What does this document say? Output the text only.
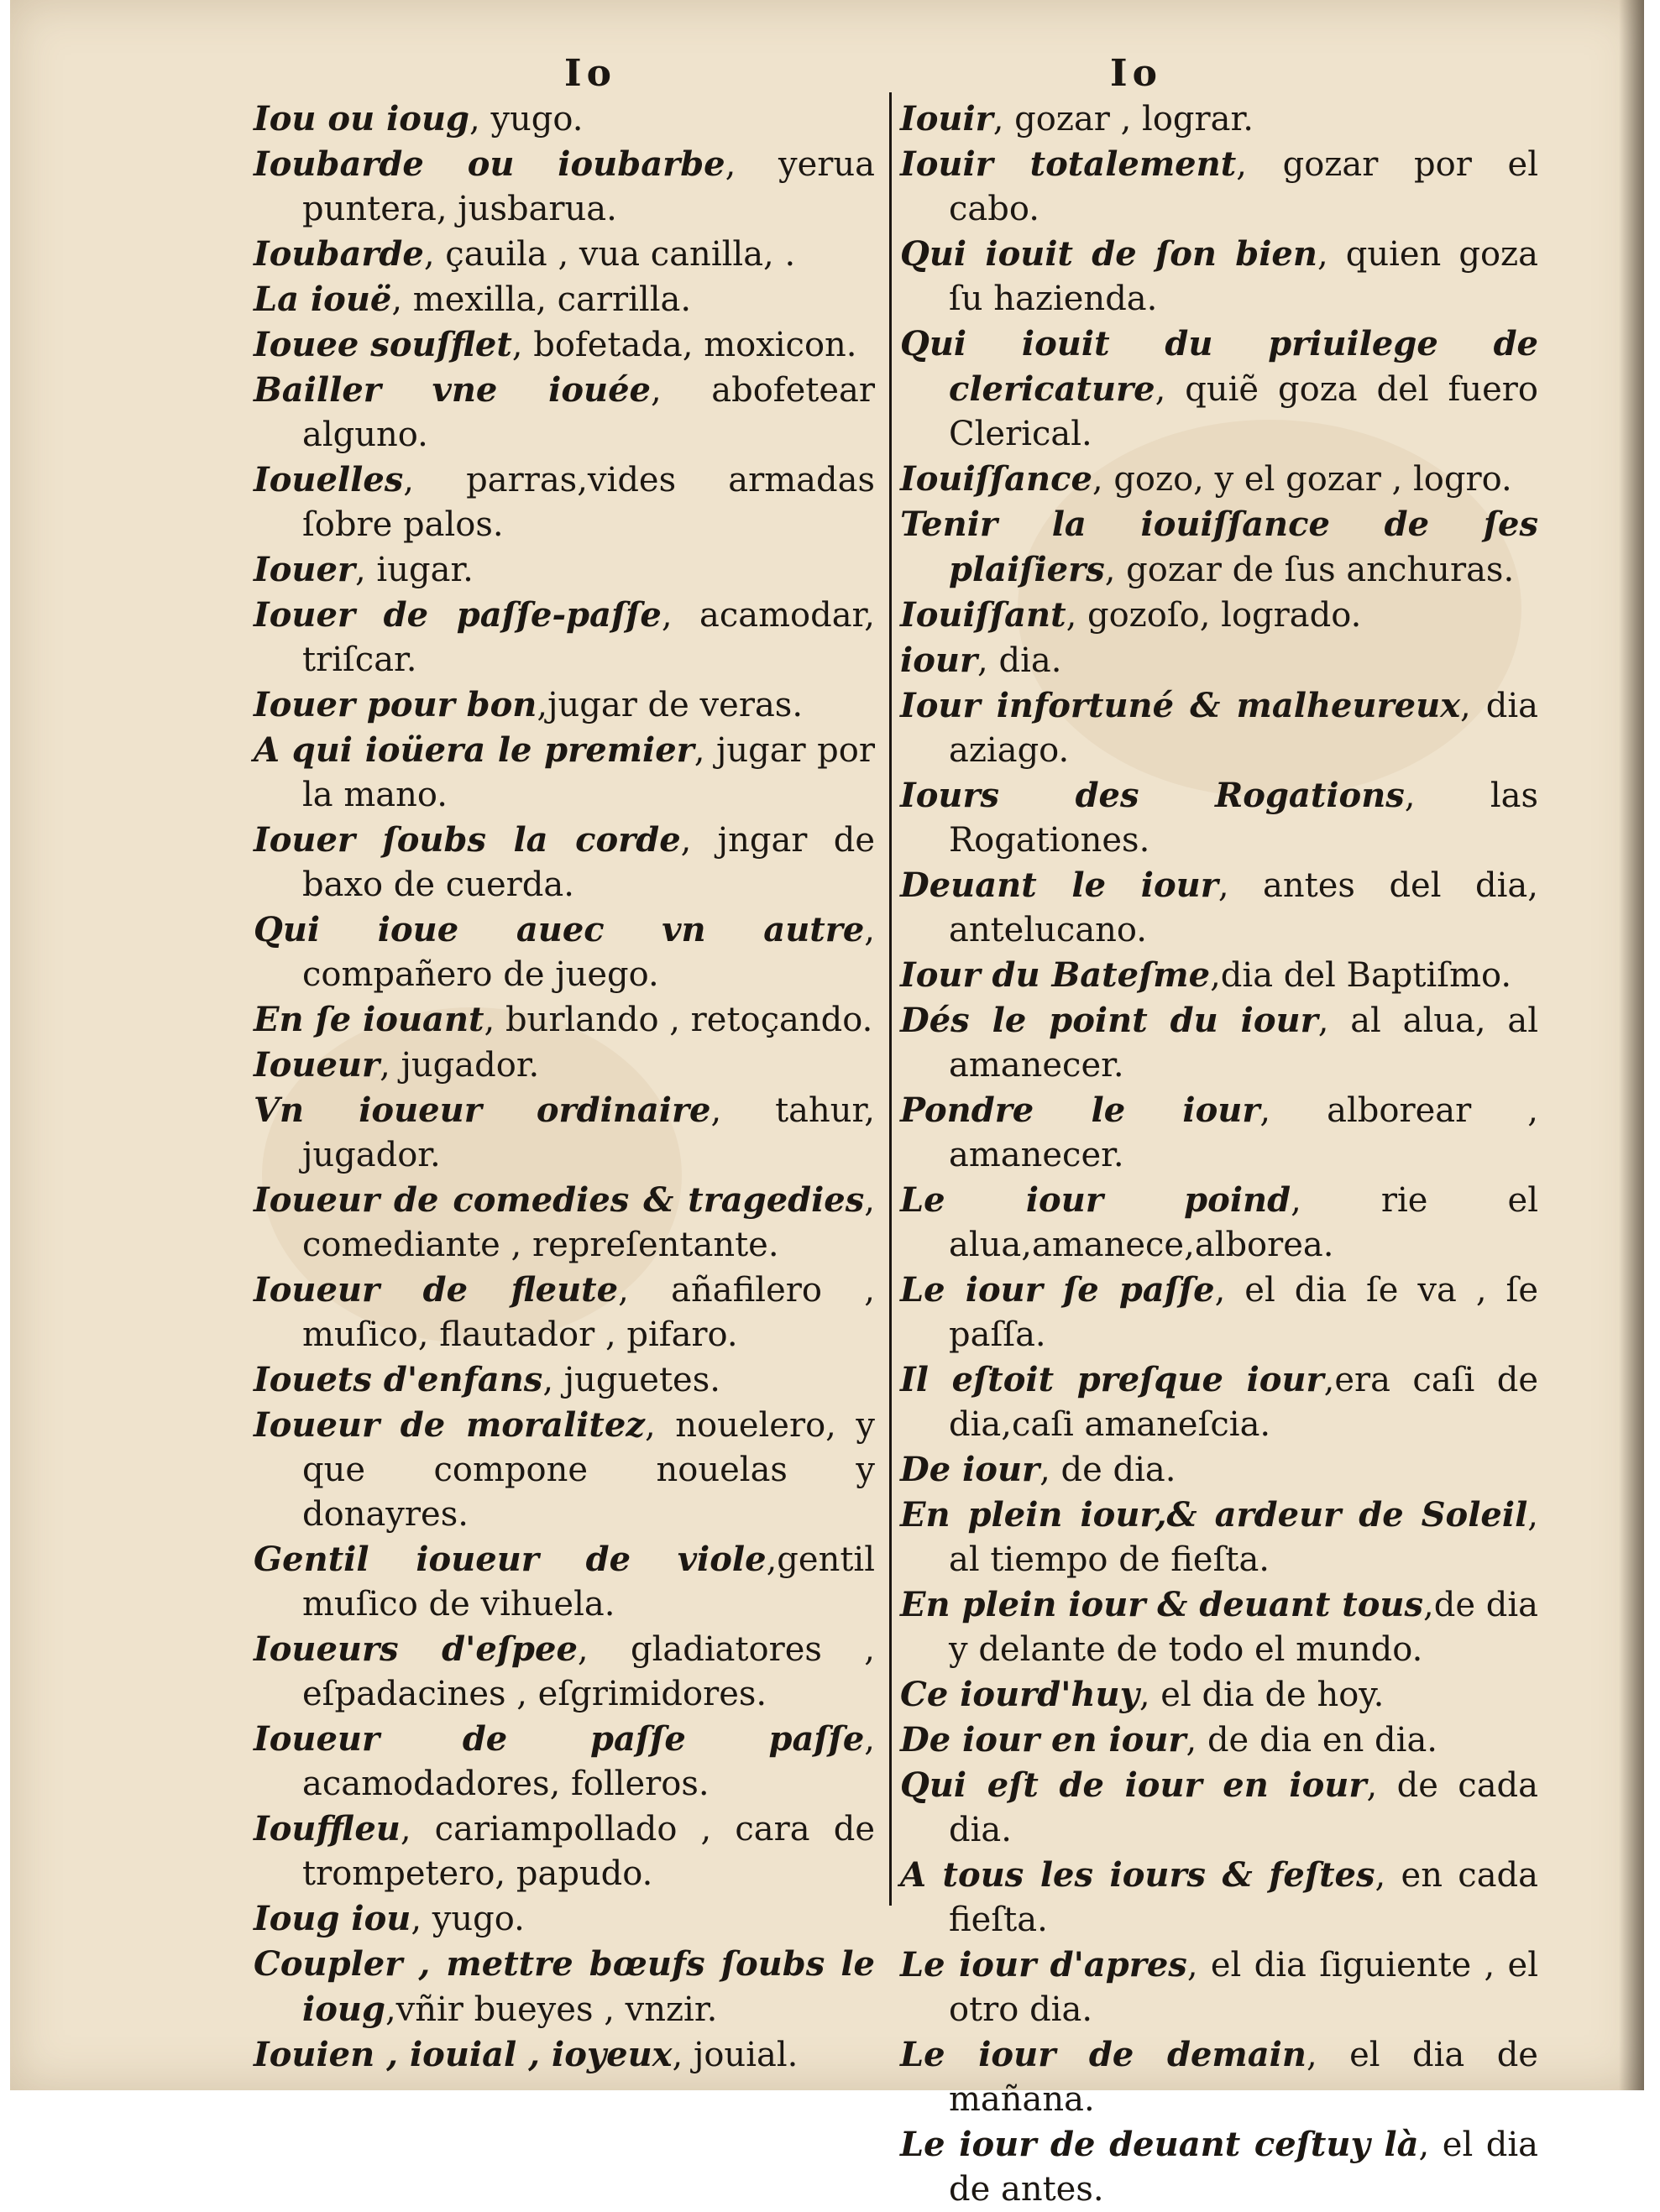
Io	Io

Iou ou ioug, yugo.

Ioubarde ou ioubarbe, yerua puntera, jusbarua.

Ioubarde, çauila , vua canilla, .

La iouë, mexilla, carrilla.

Iouee souſflet, bofetada, moxicon.

Bailler vne iouée, abofetear alguno.

Iouelles, parras,vides armadas ſobre palos.

Iouer, iugar.

Iouer de paſſe-paſſe, acamodar, triſcar.

Iouer pour bon,jugar de veras.

A qui ioüera le premier, jugar por la mano.

Iouer ſoubs la corde, jngar de baxo de cuerda.

Qui ioue auec vn autre, compañero de juego.

En ſe iouant, burlando , retoçando.

Ioueur, jugador.

Vn ioueur ordinaire, tahur, jugador.

Ioueur de comedies & tragedies, comediante , repreſentante.

Ioueur de fleute, añafilero , muſico, flautador , pifaro.

Iouets d'enfans, juguetes.

Ioueur de moralitez, nouelero, y que compone nouelas y donayres.

Gentil ioueur de viole,gentil muſico de vihuela.

Ioueurs d'eſpee, gladiatores , eſpadacines , eſgrimidores.

Ioueur de paſſe paſſe, acamodadores, folleros.

Iouffleu, cariampollado , cara de trompetero, papudo.

Ioug iou, yugo.

Coupler , mettre bœufs ſoubs le ioug,vñir bueyes , vnzir.

Iouien , iouial , ioyeux, jouial.

Iouir, gozar , lograr.

Iouir totalement, gozar por el cabo.

Qui iouit de ſon bien, quien goza ſu hazienda.

Qui iouit du priuilege de clericature, quiẽ goza del fuero Clerical.

Iouiſſance, gozo, y el gozar , logro.

Tenir la iouiſſance de ſes plaiſiers, gozar de ſus anchuras.

Iouiſſant, gozoſo, logrado.

iour, dia.

Iour infortuné & malheureux, dia aziago.

Iours des Rogations, las Rogationes.

Deuant le iour, antes del dia, antelucano.

Iour du Bateſme,dia del Baptiſmo.

Dés le point du iour, al alua, al amanecer.

Pondre le iour, alborear , amanecer.

Le iour poind, rie el alua,amanece,alborea.

Le iour ſe paſſe, el dia ſe va , ſe paſſa.

Il eſtoit preſque iour,era caſi de dia,caſi amaneſcia.

De iour, de dia.

En plein iour,& ardeur de Soleil, al tiempo de fieſta.

En plein iour & deuant tous,de dia y delante de todo el mundo.

Ce iourd'huy, el dia de hoy.

De iour en iour, de dia en dia.

Qui eſt de iour en iour, de cada dia.

A tous les iours & feſtes, en cada fieſta.

Le iour d'apres, el dia ſiguiente , el otro dia.

Le iour de demain, el dia de mañana.

Le iour de deuant ceſtuy là, el dia de antes.
